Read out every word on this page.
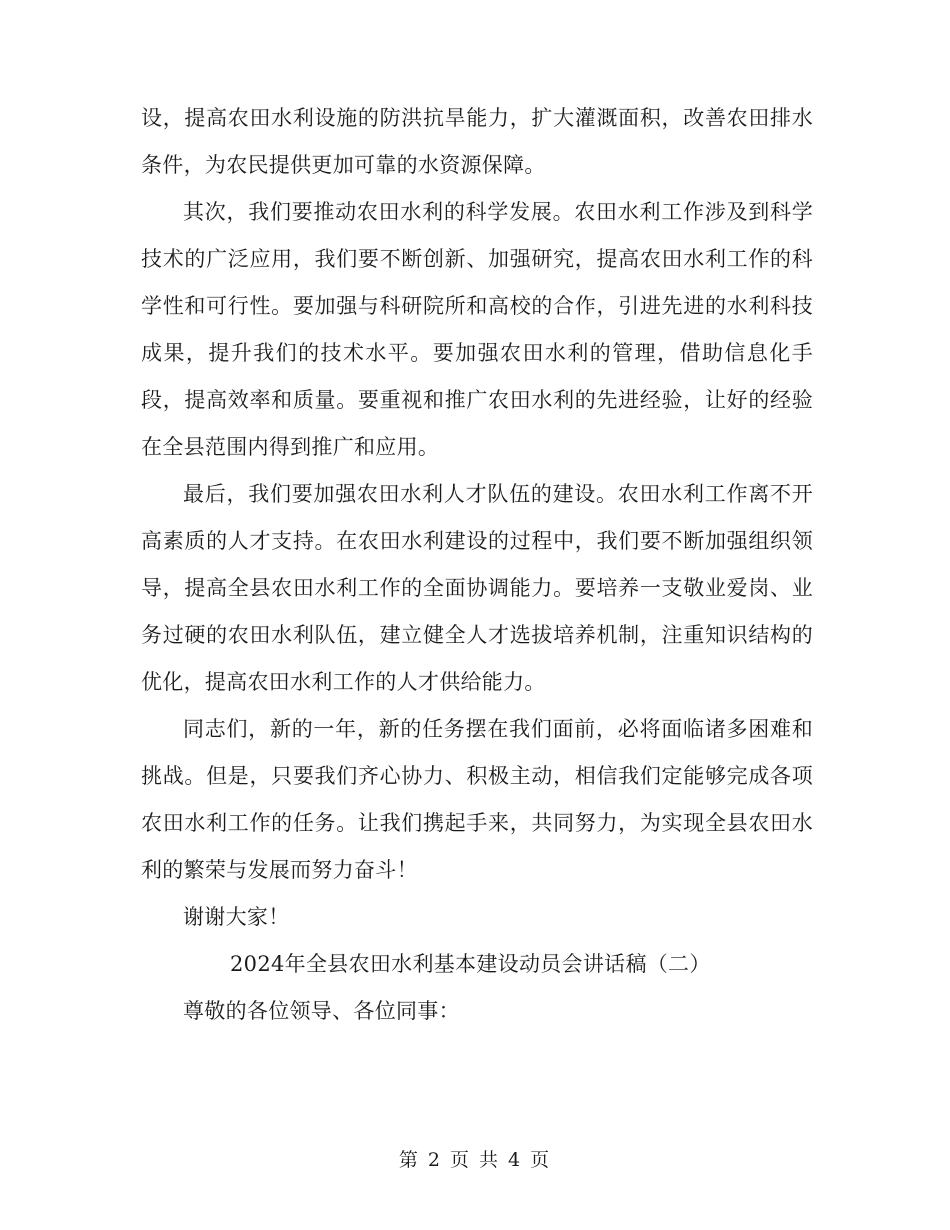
设，提高农田水利设施的防洪抗旱能力，扩大灌溉面积，改善农田排水条件，为农民提供更加可靠的水资源保障。

其次，我们要推动农田水利的科学发展。农田水利工作涉及到科学技术的广泛应用，我们要不断创新、加强研究，提高农田水利工作的科学性和可行性。要加强与科研院所和高校的合作，引进先进的水利科技成果，提升我们的技术水平。要加强农田水利的管理，借助信息化手段，提高效率和质量。要重视和推广农田水利的先进经验，让好的经验在全县范围内得到推广和应用。

最后，我们要加强农田水利人才队伍的建设。农田水利工作离不开高素质的人才支持。在农田水利建设的过程中，我们要不断加强组织领导，提高全县农田水利工作的全面协调能力。要培养一支敬业爱岗、业务过硬的农田水利队伍，建立健全人才选拔培养机制，注重知识结构的优化，提高农田水利工作的人才供给能力。

同志们，新的一年，新的任务摆在我们面前，必将面临诸多困难和挑战。但是，只要我们齐心协力、积极主动，相信我们定能够完成各项农田水利工作的任务。让我们携起手来，共同努力，为实现全县农田水利的繁荣与发展而努力奋斗！

谢谢大家！

2024年全县农田水利基本建设动员会讲话稿（二）

尊敬的各位领导、各位同事：

第 2 页 共 4 页
